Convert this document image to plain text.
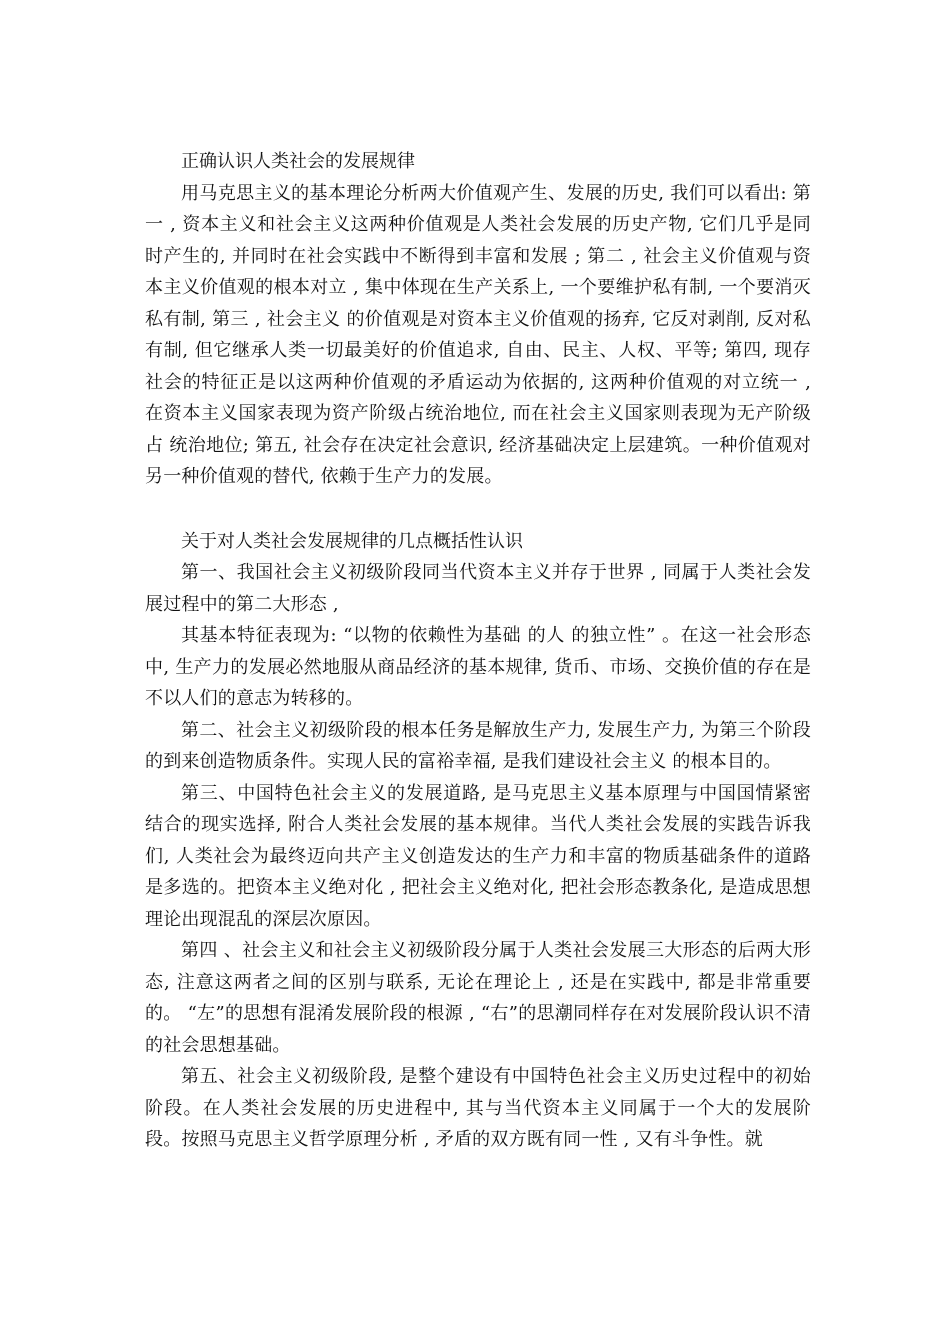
正确认识人类社会的发展规律

用马克思主义的基本理论分析两大价值观产生、发展的历史, 我们可以看出: 第一 , 资本主义和社会主义这两种价值观是人类社会发展的历史产物, 它们几乎是同时产生的, 并同时在社会实践中不断得到丰富和发展 ; 第二 , 社会主义价值观与资本主义价值观的根本对立 , 集中体现在生产关系上, 一个要维护私有制, 一个要消灭私有制, 第三 , 社会主义 的价值观是对资本主义价值观的扬弃, 它反对剥削, 反对私有制, 但它继承人类一切最美好的价值追求, 自由、民主、人权、平等; 第四, 现存社会的特征正是以这两种价值观的矛盾运动为依据的, 这两种价值观的对立统一 , 在资本主义国家表现为资产阶级占统治地位, 而在社会主义国家则表现为无产阶级 占 统治地位; 第五, 社会存在决定社会意识, 经济基础决定上层建筑。一种价值观对另一种价值观的替代, 依赖于生产力的发展。

关于对人类社会发展规律的几点概括性认识

第一、我国社会主义初级阶段同当代资本主义并存于世界 , 同属于人类社会发展过程中的第二大形态 ,

其基本特征表现为: “以物的依赖性为基础 的人 的独立性” 。在这一社会形态中, 生产力的发展必然地服从商品经济的基本规律, 货币、市场、交换价值的存在是不以人们的意志为转移的。

第二、社会主义初级阶段的根本任务是解放生产力, 发展生产力, 为第三个阶段的到来创造物质条件。实现人民的富裕幸福, 是我们建设社会主义 的根本目的。

第三、中国特色社会主义的发展道路, 是马克思主义基本原理与中国国情紧密结合的现实选择, 附合人类社会发展的基本规律。当代人类社会发展的实践告诉我们, 人类社会为最终迈向共产主义创造发达的生产力和丰富的物质基础条件的道路是多选的。把资本主义绝对化 , 把社会主义绝对化, 把社会形态教条化, 是造成思想理论出现混乱的深层次原因。

第四 、社会主义和社会主义初级阶段分属于人类社会发展三大形态的后两大形态, 注意这两者之间的区别与联系, 无论在理论上 , 还是在实践中, 都是非常重要的。 “左”的思想有混淆发展阶段的根源 , “右”的思潮同样存在对发展阶段认识不清的社会思想基础。

第五、社会主义初级阶段, 是整个建设有中国特色社会主义历史过程中的初始阶段。在人类社会发展的历史进程中, 其与当代资本主义同属于一个大的发展阶段。按照马克思主义哲学原理分析 , 矛盾的双方既有同一性 , 又有斗争性。就
